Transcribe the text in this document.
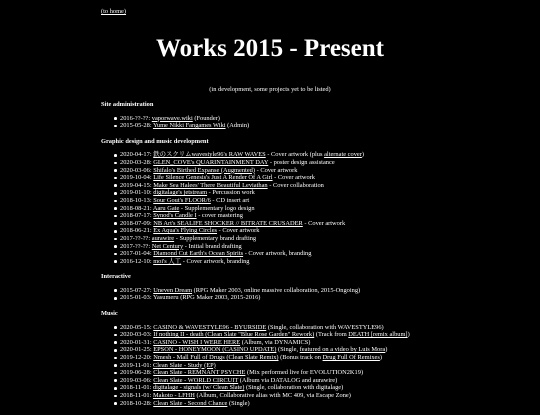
(to home)
Works 2015 - Present
(in development, some projects yet to be listed)
Site administration
2016-??-??: vaporwave.wiki (Founder)
2015-05-28: Yume Nikki Fangames Wiki (Admin)
Graphic design and music development
2020-04-17: 鉄のスクリムwavestyle96's RAW WAVES - Cover artwork (plus alternate cover)
2020-03-28: GLEN_COVE's QUARINTAINMENT DAY - poster design assistance
2020-03-06: Shifalo's Birthed Expanse (Augmented) - Cover artwork
2019-10-04: Life Silence Genesis's Just A Render Of A Girl - Cover artwork
2019-04-15: Make Sea Halees' There Beautiful Leviathan - Cover collaboration
2019-01-10: digitalage's jetstream - Percussion work
2018-10-13: Sour Gout's FLOOR/6 - CD insert art
2018-08-21: Aaru Gate - Supplementary logo design
2018-07-17: Synod's Candle I - cover mastering
2018-07-09: NB Art's SEALIFE SHOCKER // BITRATE CRUSADER - Cover artwork
2018-06-21: Ex Aqua's Flying Circles - Cover artwork
2017-??-??: aurawire - Supplementary brand drafting
2017-??-??: Net Century - Initial brand drafting
2017-01-04: Diamond Cut Earth's Ocean Spirits - Cover artwork, branding
2016-12-10: moi's 人工 - Cover artwork, branding
Interactive
2015-07-27: Uneven Dream (RPG Maker 2003, online massive collaboration, 2015-Ongoing)
2015-01-03: Yasumeru (RPG Maker 2003, 2015-2016)
Music
2020-05-15: CASINO & WAVESTYLE96 - BYURSIDE (Single, collaboration with WAVESTYLE96)
2020-03-03: If nothing II - death (Clean Slate "Blue Rose Garden" Rework) (Track from DEATH [remix album])
2020-01-31: CASINO - WISH I WERE HERE (Album, via DYNAMICS)
2020-01-25: EPSON - HONEYMOON (CASINO UPDATE) (Single, featured on a video by Luis Mora)
2019-12-20: Nmesh - Mall Full of Drugs (Clean Slate Remix) (Bonus track on Drug Full Of Remixes)
2019-11-01: Clean Slate - Study (EP)
2019-06-28: Clean Slate - REMNANT PSYCHE (Mix performed live for EVOLUTION2K19)
2019-03-06: Clean Slate - WORLD CIRCUIT (Album via DATALOG and aurawire)
2018-11-01: digitalage - signals (w/ Clean Slate) (Single, collaboration with digitalage)
2018-11-01: Makoto - LFHH (Album, Collaborative alias with MC 409, via Escape Zone)
2018-10-28: Clean Slate - Second Chance (Single)
